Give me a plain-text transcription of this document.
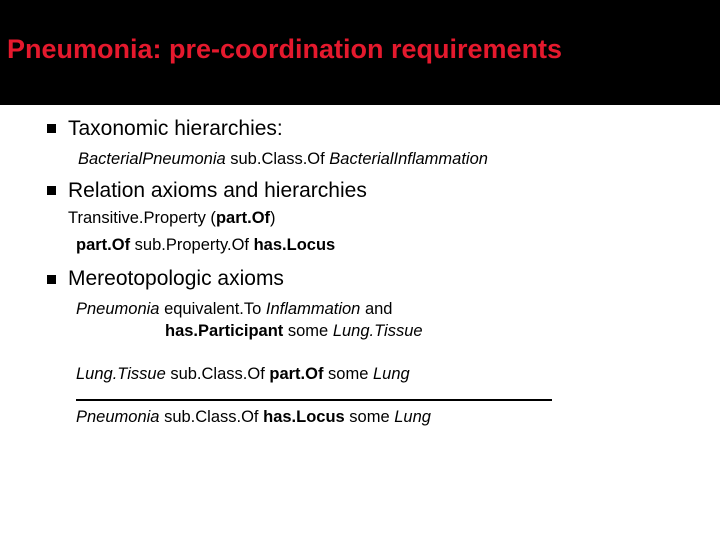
Pneumonia: pre-coordination requirements
Taxonomic hierarchies:
BacterialPneumonia sub.Class.Of BacterialInflammation
Relation axioms and hierarchies
Transitive.Property (part.Of)
part.Of sub.Property.Of has.Locus
Mereotopologic axioms
Pneumonia equivalent.To Inflammation and
has.Participant some Lung.Tissue
Lung.Tissue sub.Class.Of part.Of some Lung
Pneumonia sub.Class.Of has.Locus some Lung
